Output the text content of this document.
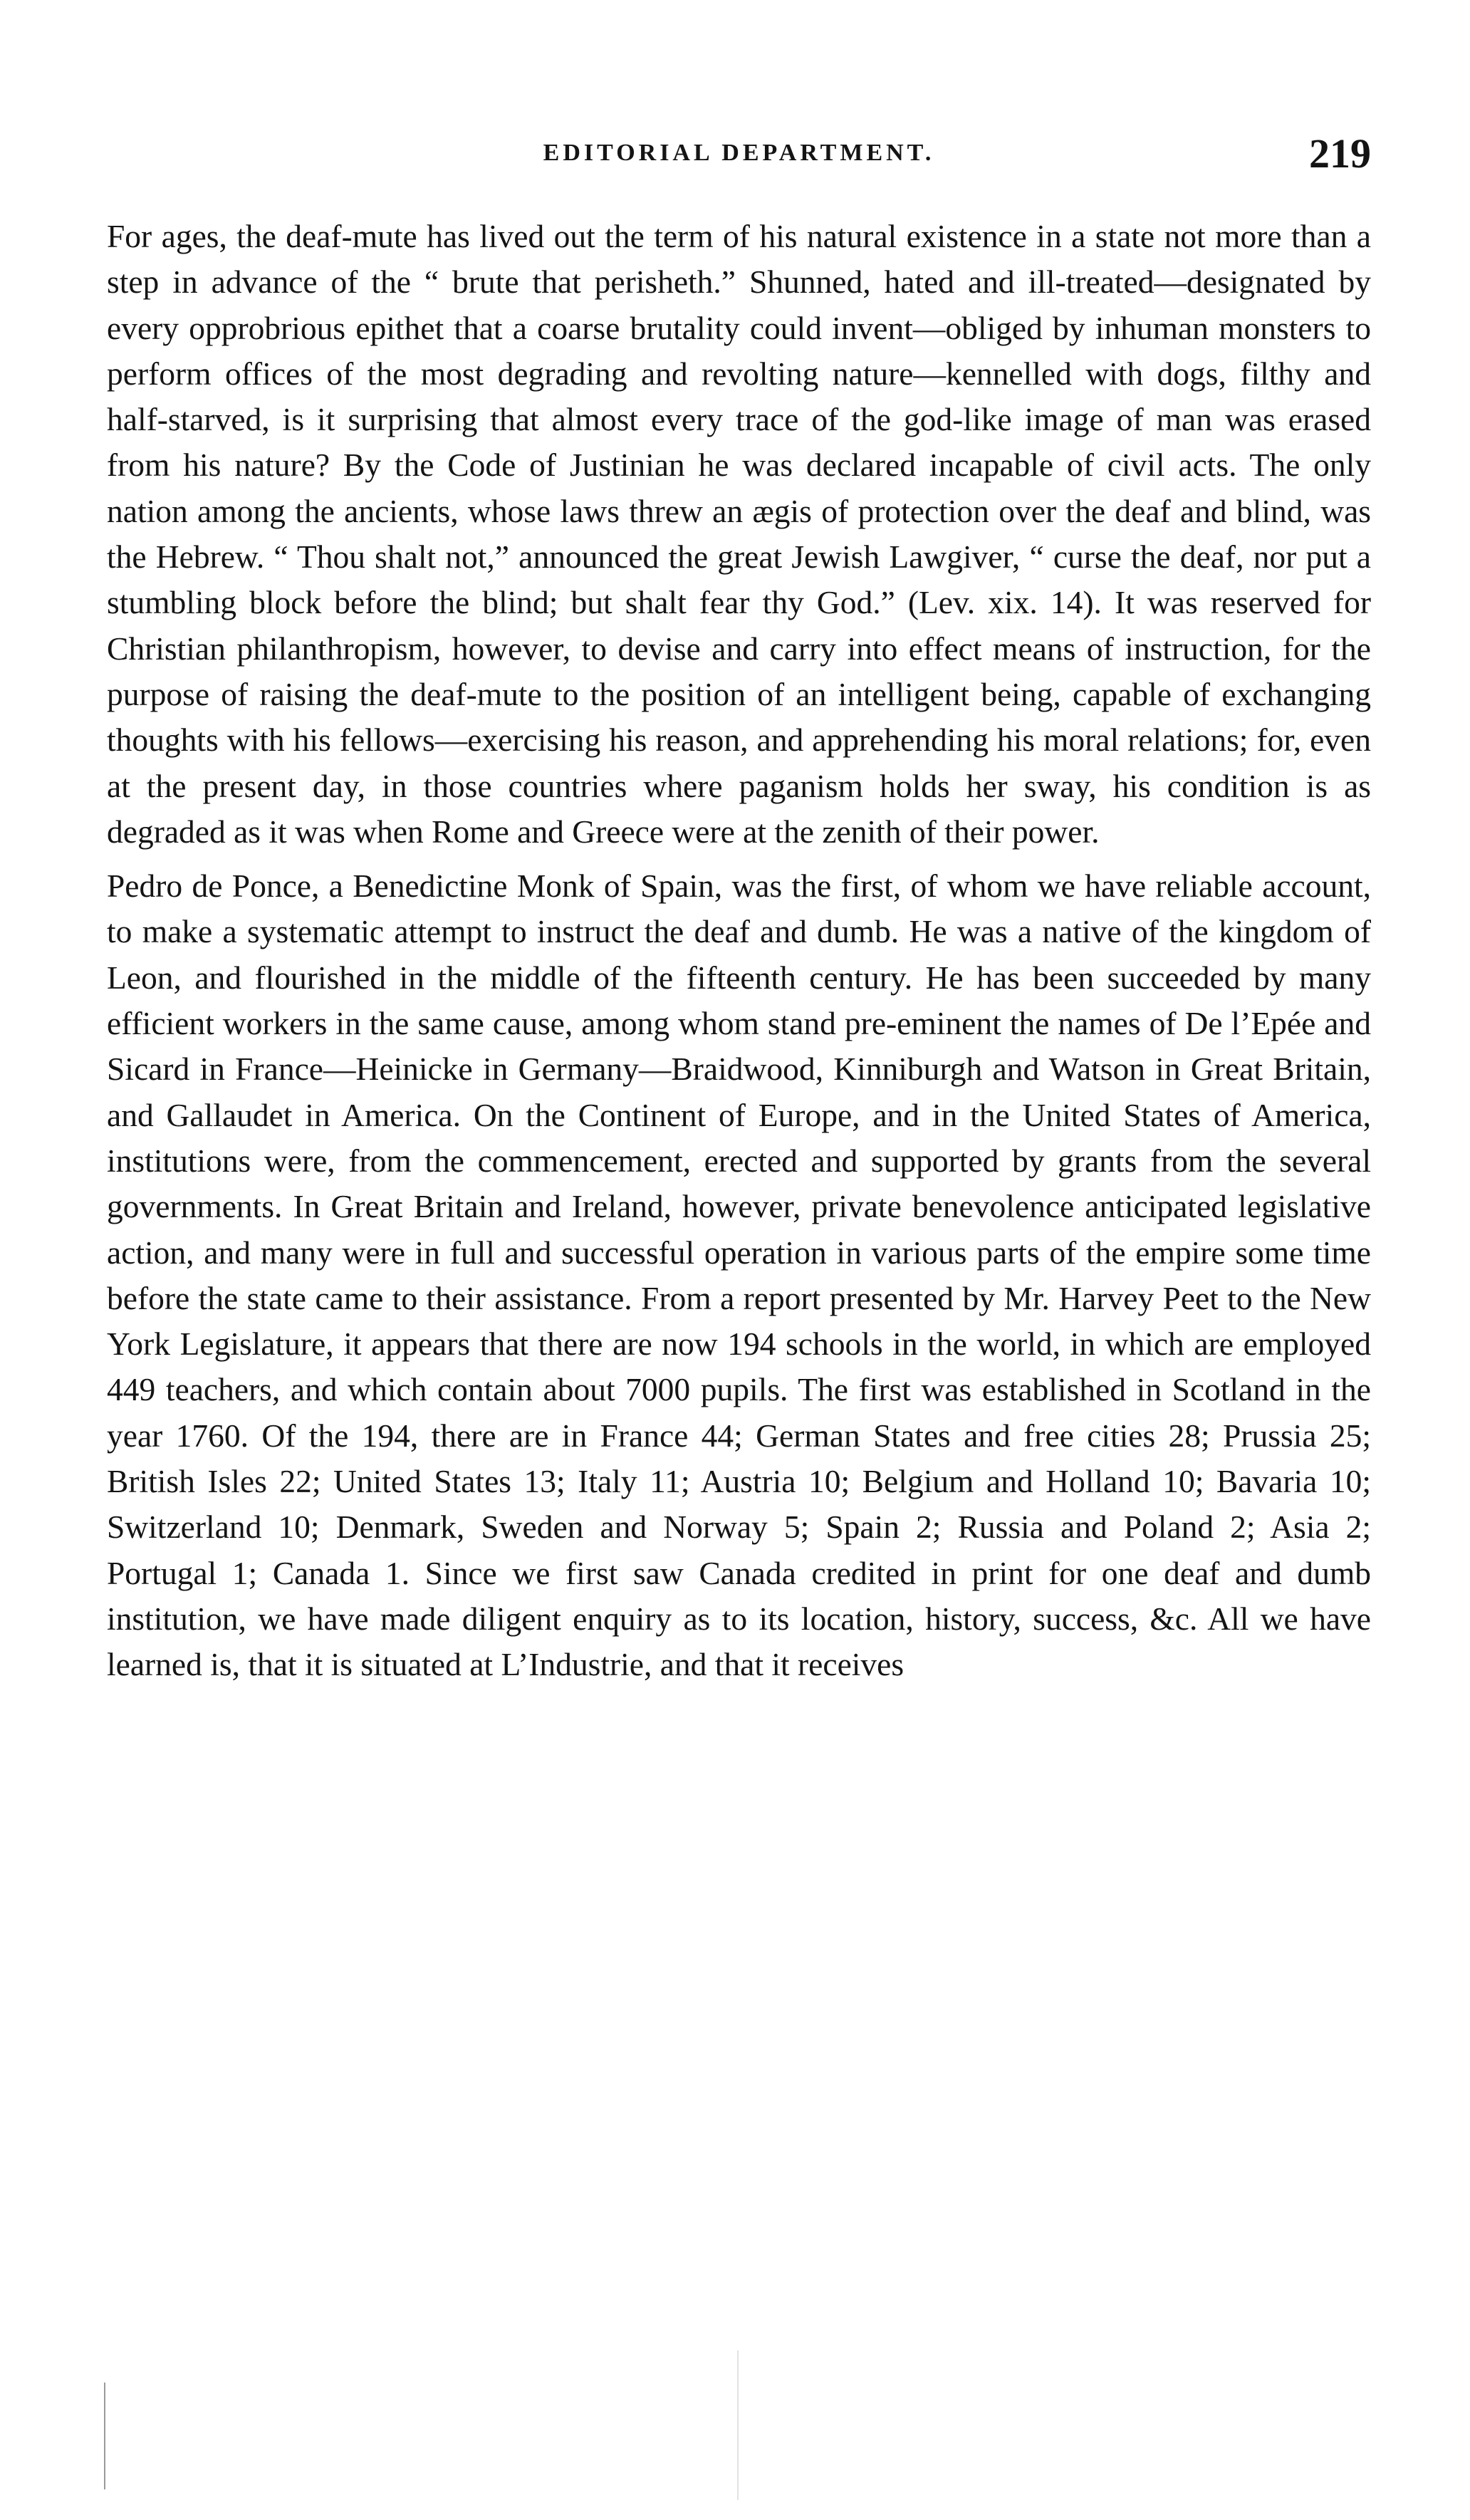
EDITORIAL DEPARTMENT.	219

For ages, the deaf-mute has lived out the term of his natural existence in a state not more than a step in advance of the “ brute that perisheth.” Shunned, hated and ill-treated—designated by every opprobrious epithet that a coarse brutality could invent—obliged by inhuman monsters to perform offices of the most degrading and revolting nature—kennelled with dogs, filthy and half-starved, is it surprising that almost every trace of the god-like image of man was erased from his nature? By the Code of Justinian he was declared incapable of civil acts. The only nation among the ancients, whose laws threw an ægis of protection over the deaf and blind, was the Hebrew. “ Thou shalt not,” announced the great Jewish Lawgiver, “ curse the deaf, nor put a stumbling block before the blind; but shalt fear thy God.” (Lev. xix. 14). It was reserved for Christian philanthropism, however, to devise and carry into effect means of instruction, for the purpose of raising the deaf-mute to the position of an intelligent being, capable of exchanging thoughts with his fellows—exercising his reason, and apprehending his moral relations; for, even at the present day, in those countries where paganism holds her sway, his condition is as degraded as it was when Rome and Greece were at the zenith of their power.

Pedro de Ponce, a Benedictine Monk of Spain, was the first, of whom we have reliable account, to make a systematic attempt to instruct the deaf and dumb. He was a native of the kingdom of Leon, and flourished in the middle of the fifteenth century. He has been succeeded by many efficient workers in the same cause, among whom stand pre-eminent the names of De l’Epée and Sicard in France—Heinicke in Germany—Braidwood, Kinniburgh and Watson in Great Britain, and Gallaudet in America. On the Continent of Europe, and in the United States of America, institutions were, from the commencement, erected and supported by grants from the several governments. In Great Britain and Ireland, however, private benevolence anticipated legislative action, and many were in full and successful operation in various parts of the empire some time before the state came to their assistance. From a report presented by Mr. Harvey Peet to the New York Legislature, it appears that there are now 194 schools in the world, in which are employed 449 teachers, and which contain about 7000 pupils. The first was established in Scotland in the year 1760. Of the 194, there are in France 44; German States and free cities 28; Prussia 25; British Isles 22; United States 13; Italy 11; Austria 10; Belgium and Holland 10; Bavaria 10; Switzerland 10; Denmark, Sweden and Norway 5; Spain 2; Russia and Poland 2; Asia 2; Portugal 1; Canada 1. Since we first saw Canada credited in print for one deaf and dumb institution, we have made diligent enquiry as to its location, history, success, &c. All we have learned is, that it is situated at L’Industrie, and that it receives
